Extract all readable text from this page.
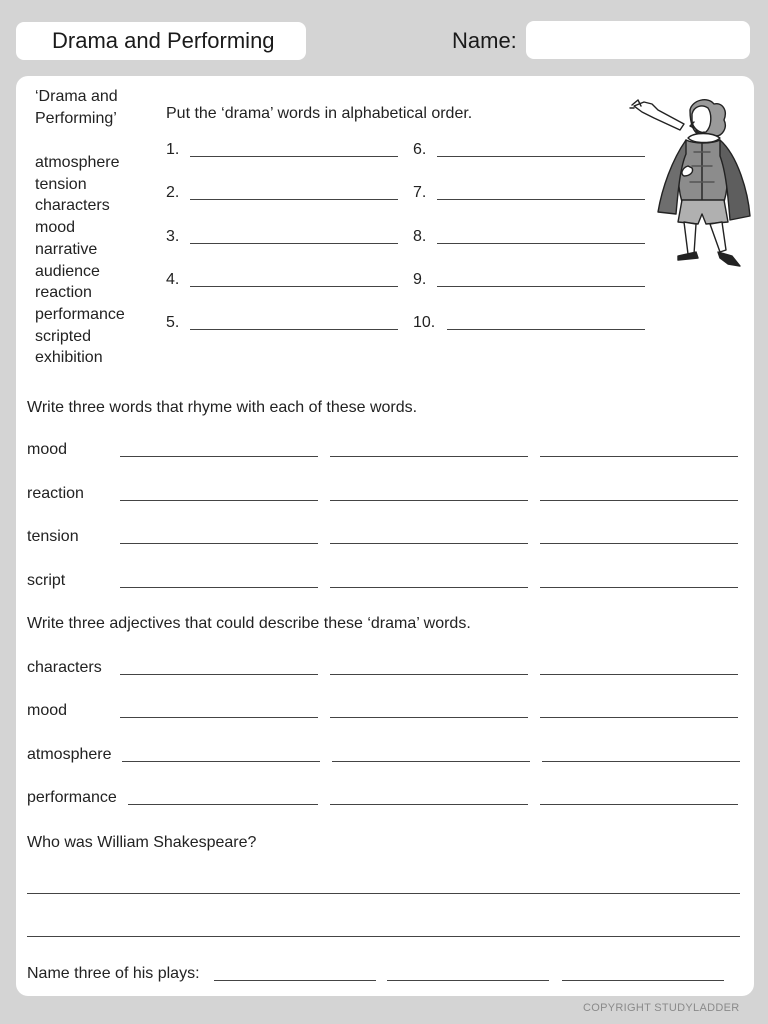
Drama and Performing	Name:
‘Drama and
Performing’
atmosphere
tension
characters
mood
narrative
audience
reaction
performance
scripted
exhibition
Put the ‘drama’ words in alphabetical order.
1.
2.
3.
4.
5.
6.
7.
8.
9.
10.
Write three words that rhyme with each of these words.
mood
reaction
tension
script
Write three adjectives that could describe these ‘drama’ words.
characters
mood
atmosphere
performance
Who was William Shakespeare?
Name three of his plays:
COPYRIGHT STUDYLADDER
